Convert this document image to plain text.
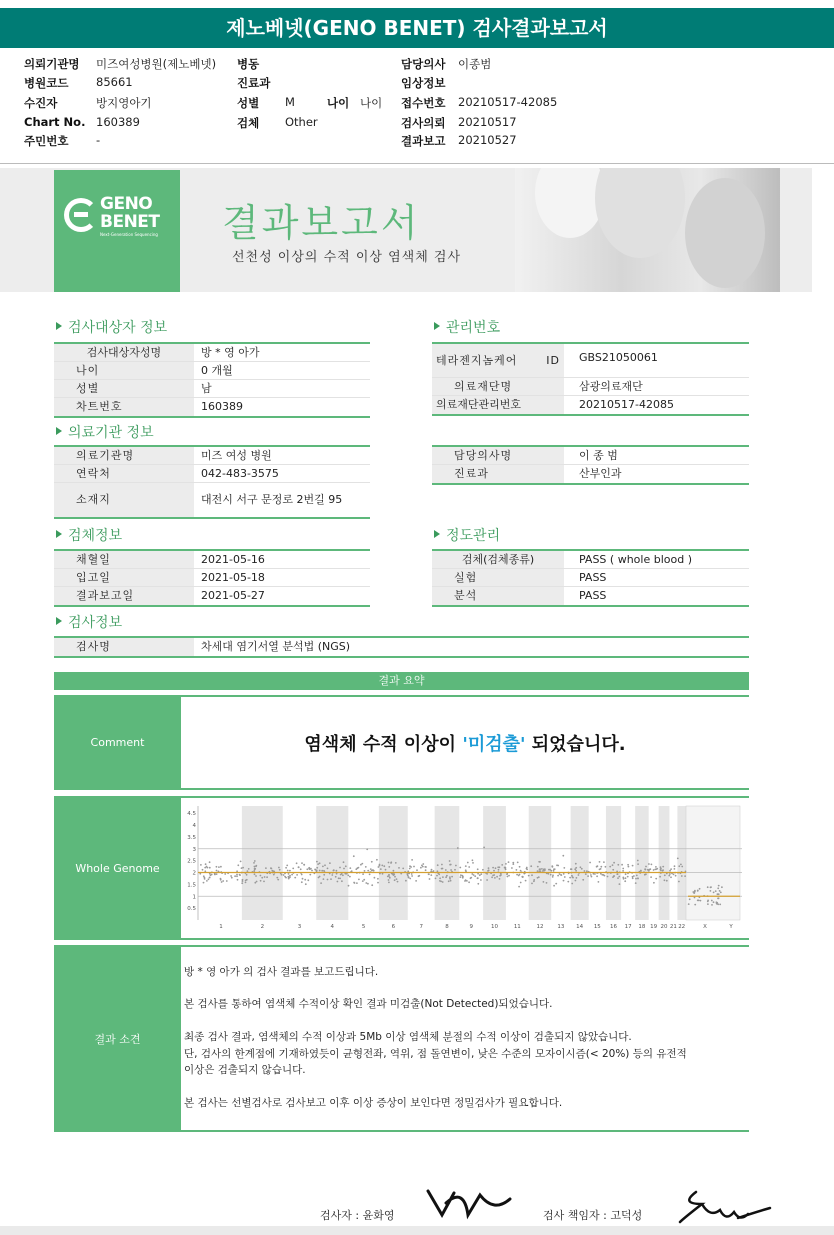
제노베넷(GENO BENET) 검사결과보고서
의뢰기관명 미즈여성병원(제노베넷)
병원코드 85661
수진자	방지영아기
Chart No. 160389
주민번호 -
병동
진료과
성별 M	나이 나이
검체 Other
담당의사 이종범
임상정보
접수번호 20210517-42085
검사의뢰 20210517
결과보고 20210527
GENO
BENET
Next-Generation Sequencing 결과보고서
선천성 이상의 수적 이상 염색체 검사
검사대상자 정보
검사대상자성명	방 * 영 아가
나이	0 개월
성별	남
차트번호	160389
관리번호
테라젠지놈케어 ID	GBS21050061
의료재단명	삼광의료재단
의료재단관리번호	20210517-42085
의료기관 정보
의료기관명	미즈 여성 병원
연락처	042-483-3575
소재지	대전시 서구 문정로 2번길 95
담당의사명	이 종 범
진료과	산부인과
검체정보
채혈일	2021-05-16
입고일	2021-05-18
결과보고일	2021-05-27
정도관리
검체(검체종류)	PASS ( whole blood )
실험	PASS
분석	PASS
검사정보
검사명	차세대 염기서열 분석법 (NGS)
결과 요약
Comment	염색체 수적 이상이 '미검출' 되었습니다.
Whole Genome
4.5
4
3.5
3
2.5
2
1.5
1
0.5
1	2	3	4	5	6	7	8	9	10	11	12	13 14 15 16 17 18 19 20 21 22	X	Y
결과 소견
방 * 영 아가 의 검사 결과를 보고드립니다.
본 검사를 통하여 염색체 수적이상 확인 결과 미검출(Not Detected)되었습니다.
최종 검사 결과, 염색체의 수적 이상과 5Mb 이상 염색체 분절의 수적 이상이 검출되지 않았습니다.
단, 검사의 한계점에 기재하였듯이 균형전좌, 역위, 점 돌연변이, 낮은 수준의 모자이시즘(< 20%) 등의 유전적
이상은 검출되지 않습니다.
본 검사는 선별검사로 검사보고 이후 이상 증상이 보인다면 정밀검사가 필요합니다.
검사자 : 윤화영	검사 책임자 : 고덕성
